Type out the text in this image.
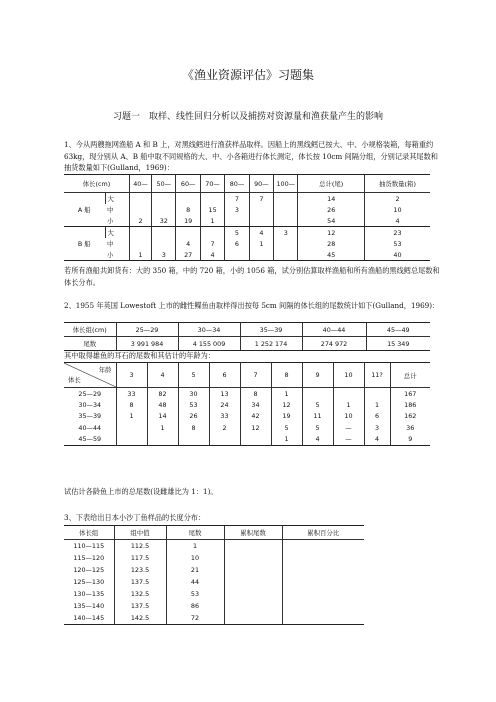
《渔业资源评估》习题集
习题一　取样、线性回归分析以及捕捞对资源量和渔获量产生的影响
1、今从两艘拖网渔船 A 和 B 上，对黑线鳕进行渔获样品取样。因船上的黑线鳕已按大、中、小规格装箱，每箱重约 63kg，现分别从 A、B 船中取不同规格的大、中、小各箱进行体长测定，体长按 10cm 间隔分组，分别记录其尾数和抽货数量如下(Gulland，1969)：
体长(cm)		40—	50—	60—	70—	80—	90—	100—	总计(尾)	抽货数量(箱)
A 船	大					7	7		14	2
	中			8	15	3			26	10
	小	2	32	19	1				54	4
B 船	大					5	4	3	12	23
	中			4	7	6	1		28	53
	小	1	3	27	4				45	40
若所有渔船共卸货有：大的 350 箱，中的 720 箱，小的 1056 箱，试分别估算取样渔船和所有渔船的黑线鳕总尾数和体长分布。
2、1955 年英国 Lowestoft 上市的雌性鲽鱼由取样得出按每 5cm 间隔的体长组的尾数统计如下(Gulland，1969)：
体长组(cm)	25—29	30—34	35—39	40—44	45—49
尾数	3 991 984	4 155 009	1 252 174	274 972	15 349
其中取得雄鱼的耳石的尾数和其估计的年龄为：
年龄
体长	3	4	5	6	7	8	9	10	11?	总计
25—29	33	82	30	13	8	1				167
30—34	8	48	53	24	34	12	5	1	1	186
35—39	1	14	26	33	42	19	11	10	6	162
40—44		1	8	2	12	5	5	—	3	36
45—59						1	4	—	4	9
试估计各龄鱼上市的总尾数(设雌雄比为 1：1)。
3、下表给出日本小沙丁鱼样品的长度分布：
体长组	组中值	尾数	累积尾数	累积百分比
110—115	112.5	1		
115—120	117.5	10		
120—125	123.5	21		
125—130	137.5	44		
130—135	132.5	53		
135—140	137.5	86		
140—145	142.5	72		
